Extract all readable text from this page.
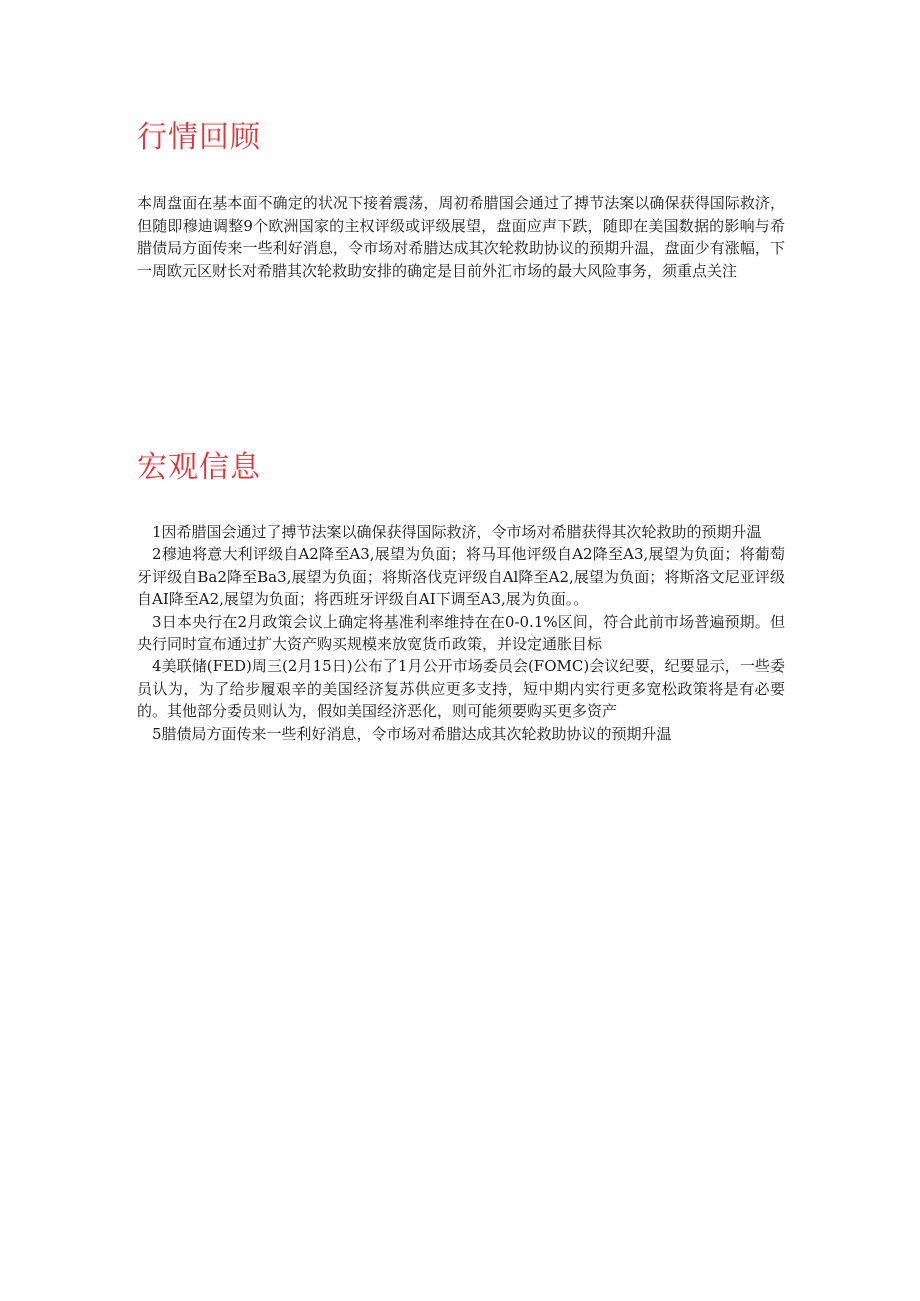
行情回顾

本周盘面在基本面不确定的状况下接着震荡，周初希腊国会通过了搏节法案以确保获得国际救济，但随即穆迪调整9个欧洲国家的主权评级或评级展望，盘面应声下跌，随即在美国数据的影响与希腊债局方面传来一些利好消息，令市场对希腊达成其次轮救助协议的预期升温，盘面少有涨幅，下一周欧元区财长对希腊其次轮救助安排的确定是目前外汇市场的最大风险事务，须重点关注

宏观信息
1因希腊国会通过了搏节法案以确保获得国际救济，令市场对希腊获得其次轮救助的预期升温
2穆迪将意大利评级自A2降至A3,展望为负面；将马耳他评级自A2降至A3,展望为负面；将葡萄牙评级自Ba2降至Ba3,展望为负面；将斯洛伐克评级自Al降至A2,展望为负面；将斯洛文尼亚评级自AI降至A2,展望为负面；将西班牙评级自AI下调至A3,展为负面。。
3日本央行在2月政策会议上确定将基准利率维持在在0-0.1%区间，符合此前市场普遍预期。但央行同时宣布通过扩大资产购买规模来放宽货币政策，并设定通胀目标
4美联储(FED)周三(2月15日)公布了1月公开市场委员会(FOMC)会议纪要，纪要显示，一些委员认为，为了给步履艰辛的美国经济复苏供应更多支持，短中期内实行更多宽松政策将是有必要的。其他部分委员则认为，假如美国经济恶化，则可能须要购买更多资产
5腊债局方面传来一些利好消息，令市场对希腊达成其次轮救助协议的预期升温
